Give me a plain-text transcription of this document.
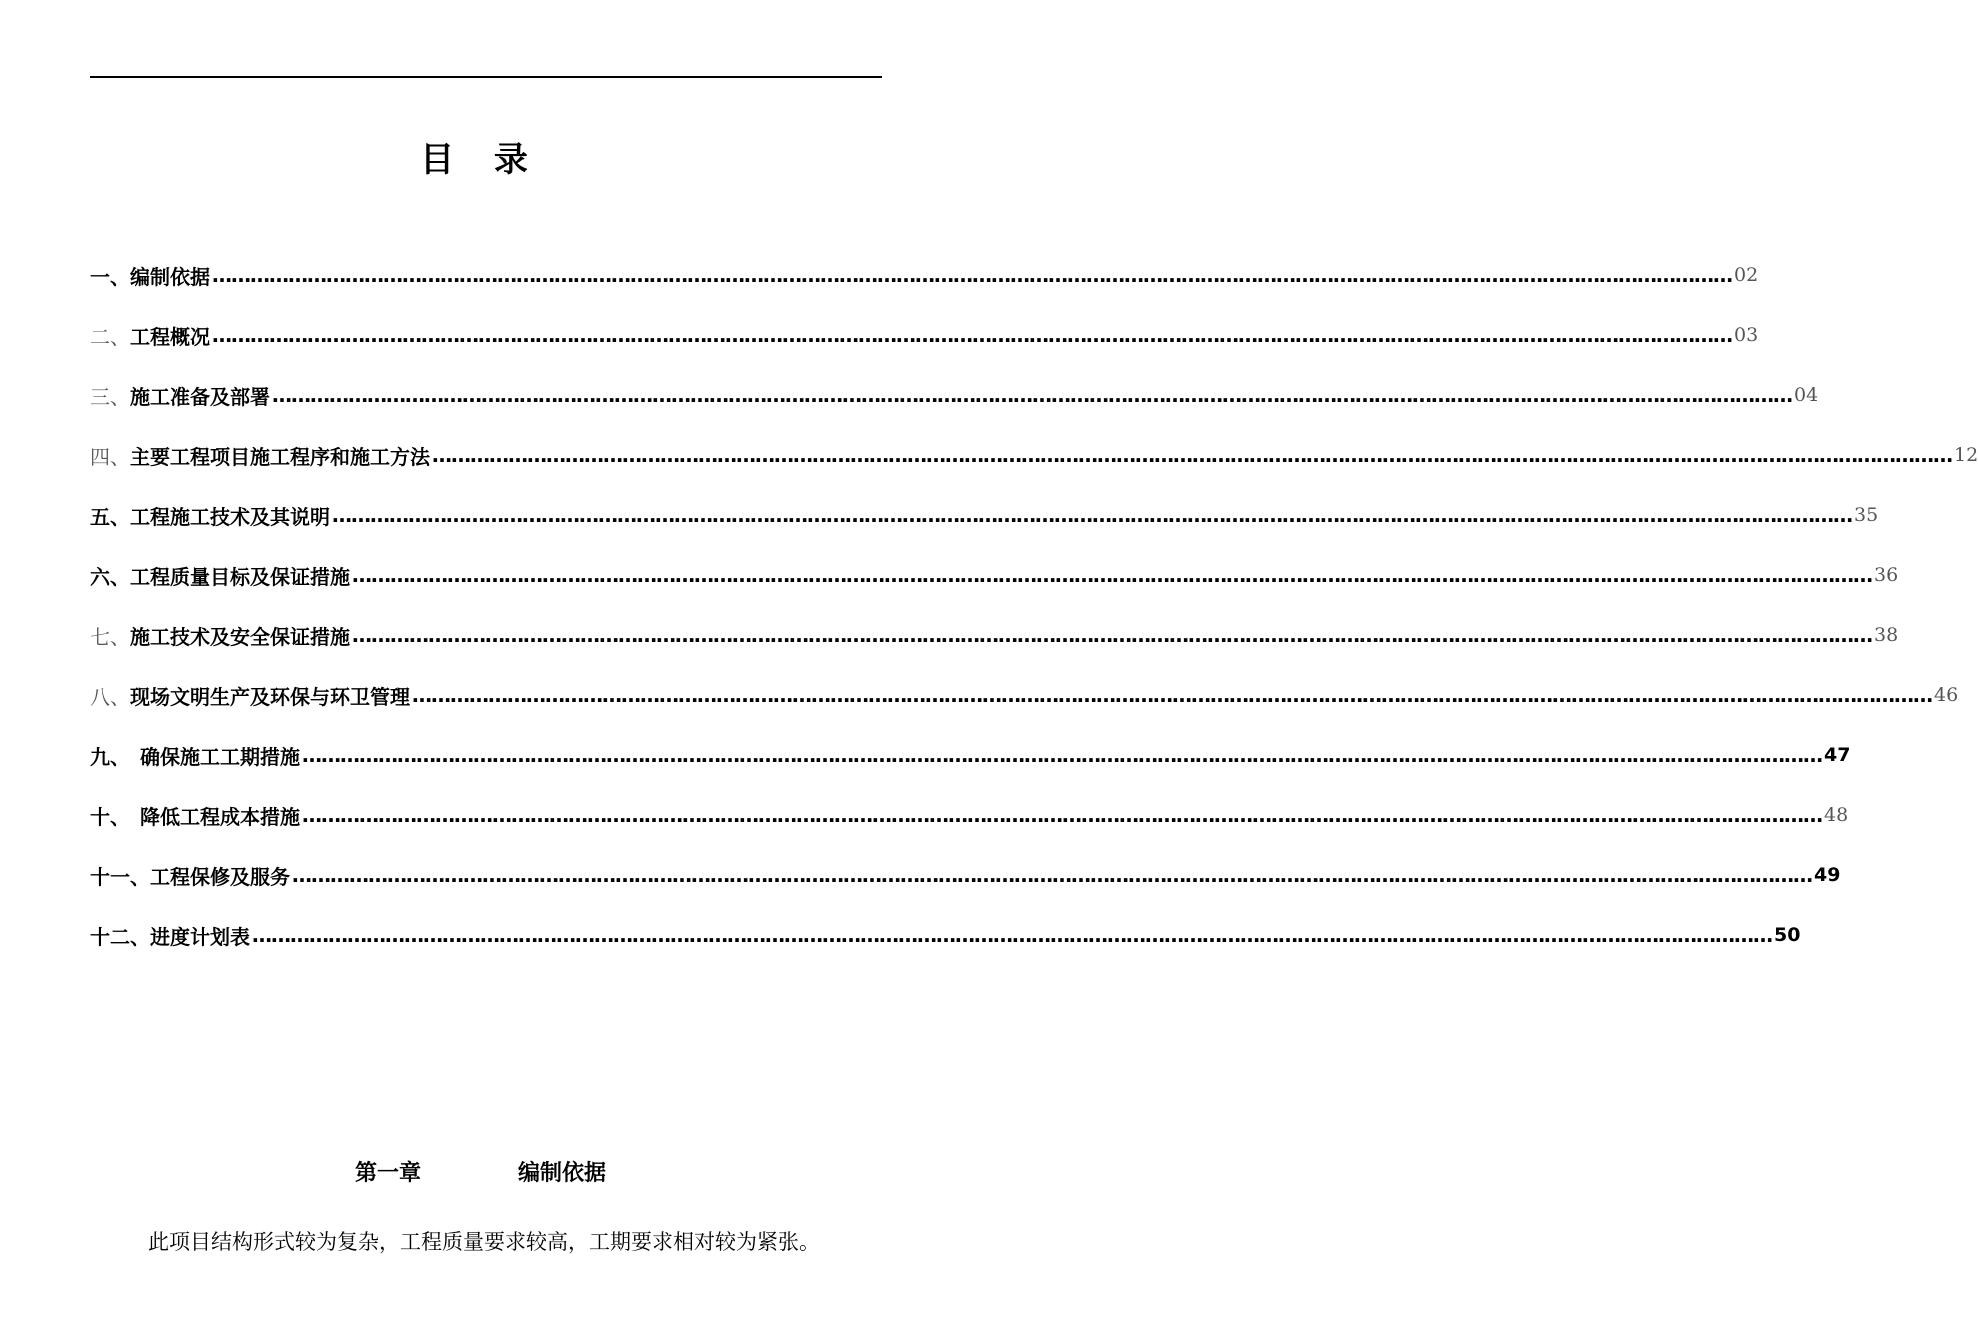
目 录
一、 编制依据 …………………………………………………………………………………………………………………………………………………………………………………………………………………… 02
二、 工程概况 …………………………………………………………………………………………………………………………………………………………………………………………………………………… 03
三、 施工准备及部署 …………………………………………………………………………………………………………………………………………………………………………………………………………………… 04
四、 主要工程项目施工程序和施工方法 …………………………………………………………………………………………………………………………………………………………………………………………………………………… 12
五、 工程施工技术及其说明 …………………………………………………………………………………………………………………………………………………………………………………………………………………… 35
六、 工程质量目标及保证措施 …………………………………………………………………………………………………………………………………………………………………………………………………………………… 36
七、 施工技术及安全保证措施 …………………………………………………………………………………………………………………………………………………………………………………………………………………… 38
八、 现场文明生产及环保与环卫管理 …………………………………………………………………………………………………………………………………………………………………………………………………………………… 46
九、 确保施工工期措施 …………………………………………………………………………………………………………………………………………………………………………………………………………………… 47
十、 降低工程成本措施 …………………………………………………………………………………………………………………………………………………………………………………………………………………… 48
十一、 工程保修及服务 …………………………………………………………………………………………………………………………………………………………………………………………………………………… 49
十二、 进度计划表 …………………………………………………………………………………………………………………………………………………………………………………………………………………… 50
第一章	编制依据
此项目结构形式较为复杂，工程质量要求较高，工期要求相对较为紧张。
